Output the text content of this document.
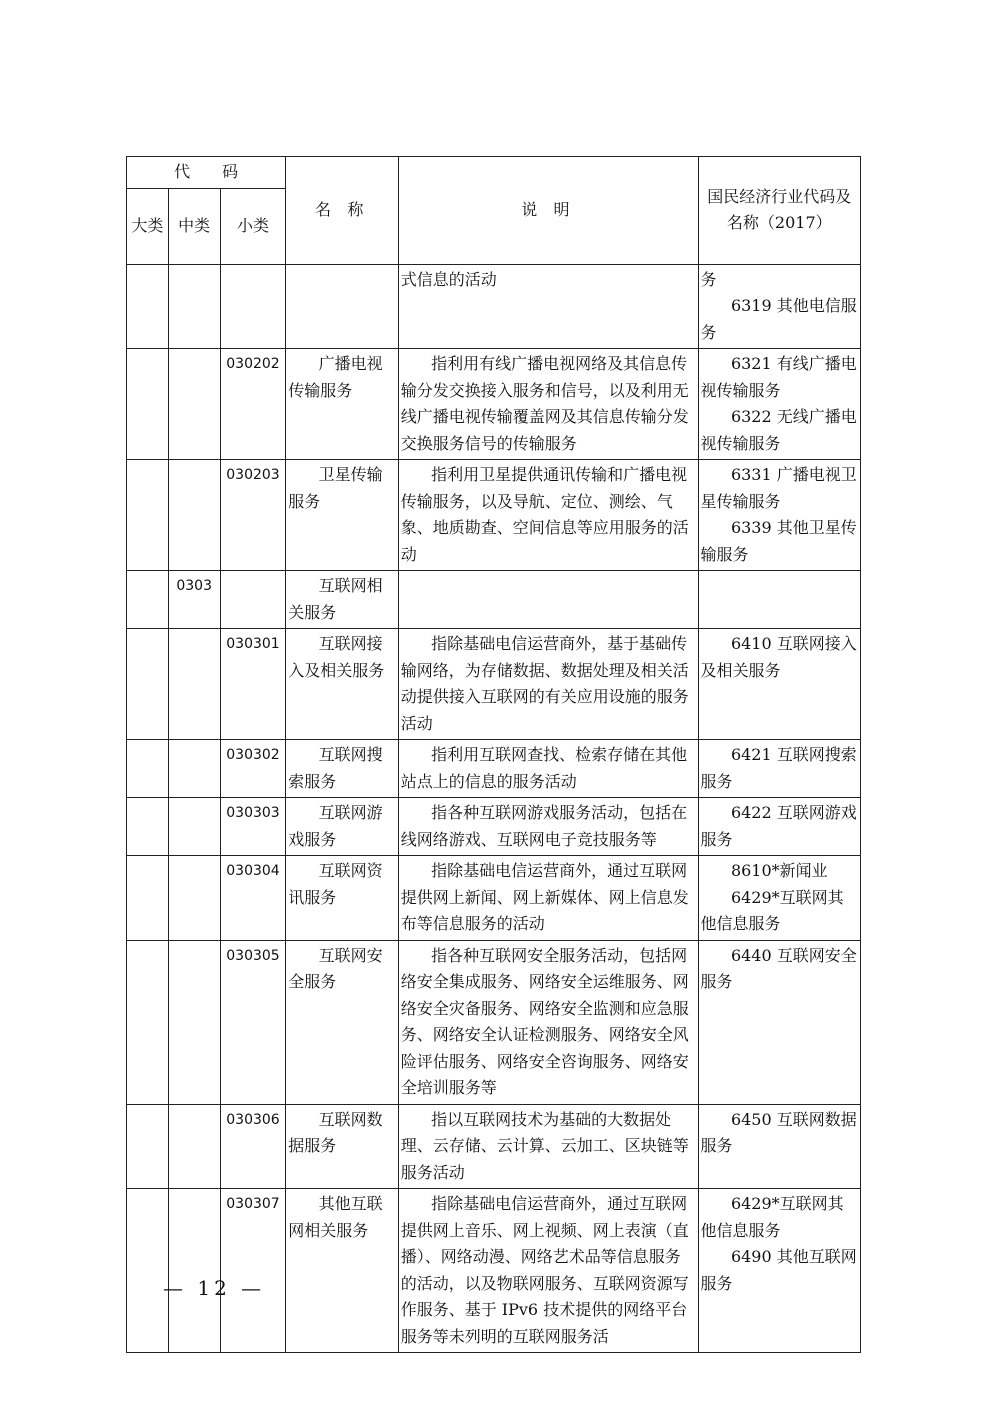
代　　码			名 称	说 明	国民经济行业代码及名称（2017）
大类	中类	小类			
				式信息的活动	务
6319 其他电信服务

		030202	广播电视传输服务	指利用有线广播电视网络及其信息传输分发交换接入服务和信号，以及利用无线广播电视传输覆盖网及其信息传输分发交换服务信号的传输服务	6321 有线广播电视传输服务
6322 无线广播电视传输服务

		030203	卫星传输服务	指利用卫星提供通讯传输和广播电视传输服务，以及导航、定位、测绘、气象、地质勘查、空间信息等应用服务的活动	6331 广播电视卫星传输服务
6339 其他卫星传输服务

	0303		互联网相关服务		
		030301	互联网接入及相关服务	指除基础电信运营商外，基于基础传输网络，为存储数据、数据处理及相关活动提供接入互联网的有关应用设施的服务活动	6410 互联网接入及相关服务

		030302	互联网搜索服务	指利用互联网查找、检索存储在其他站点上的信息的服务活动	6421 互联网搜索服务

		030303	互联网游戏服务	指各种互联网游戏服务活动，包括在线网络游戏、互联网电子竞技服务等	6422 互联网游戏服务

		030304	互联网资讯服务	指除基础电信运营商外，通过互联网提供网上新闻、网上新媒体、网上信息发布等信息服务的活动	8610*新闻业
6429*互联网其他信息服务

		030305	互联网安全服务	指各种互联网安全服务活动，包括网络安全集成服务、网络安全运维服务、网络安全灾备服务、网络安全监测和应急服务、网络安全认证检测服务、网络安全风险评估服务、网络安全咨询服务、网络安全培训服务等	6440 互联网安全服务

		030306	互联网数据服务	指以互联网技术为基础的大数据处理、云存储、云计算、云加工、区块链等服务活动	6450 互联网数据服务

		030307	其他互联网相关服务	指除基础电信运营商外，通过互联网提供网上音乐、网上视频、网上表演（直播）、网络动漫、网络艺术品等信息服务的活动，以及物联网服务、互联网资源写作服务、基于 IPv6 技术提供的网络平台服务等未列明的互联网服务活	6429*互联网其他信息服务
6490 其他互联网服务
— 12 —
